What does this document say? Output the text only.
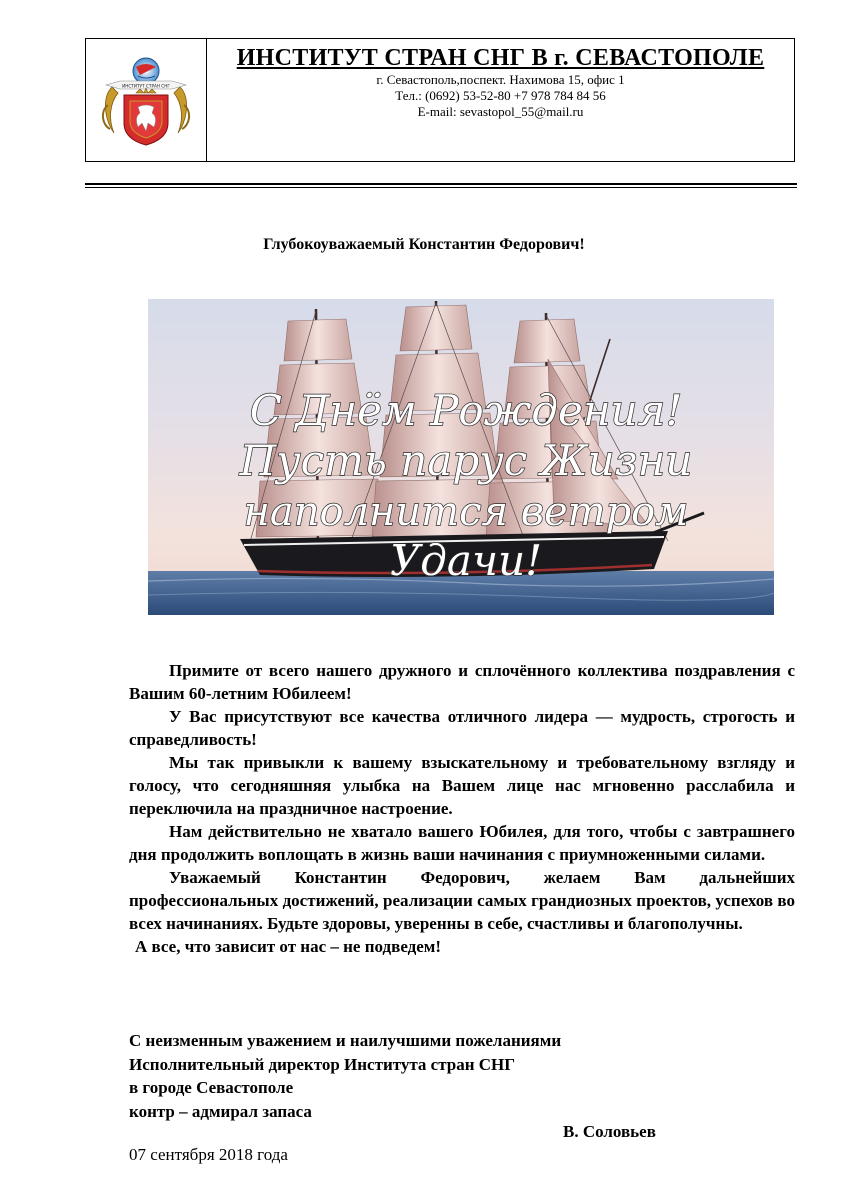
ИНСТИТУТ СТРАН СНГ
ИНСТИТУТ СТРАН СНГ В г. СЕВАСТОПОЛЕ
г. Севастополь,поспект. Нахимова 15, офис 1
Тел.: (0692) 53-52-80 +7 978 784 84 56
E-mail: sevastopol_55@mail.ru
Глубокоуважаемый Константин Федорович!
С Днём Рождения!
Пусть парус Жизни
наполнится ветром
Удачи!

Примите от всего нашего дружного и сплочённого коллектива поздравления с Вашим 60-летним Юбилеем!

У Вас присутствуют все качества отличного лидера — мудрость, строгость и справедливость!

Мы так привыкли к вашему взыскательному и требовательному взгляду и голосу, что сегодняшняя улыбка на Вашем лице нас мгновенно расслабила и переключила на праздничное настроение.

Нам действительно не хватало вашего Юбилея, для того, чтобы с завтрашнего дня продолжить воплощать в жизнь ваши начинания с приумноженными силами.

Уважаемый Константин Федорович, желаем Вам дальнейших профессиональных достижений, реализации самых грандиозных проектов, успехов во всех начинаниях. Будьте здоровы, уверенны в себе, счастливы и благополучны.

А все, что зависит от нас – не подведем!

С неизменным уважением и наилучшими пожеланиями
Исполнительный директор Института стран СНГ
в городе Севастополе
контр – адмирал запаса
В. Соловьев
07 сентября 2018 года
